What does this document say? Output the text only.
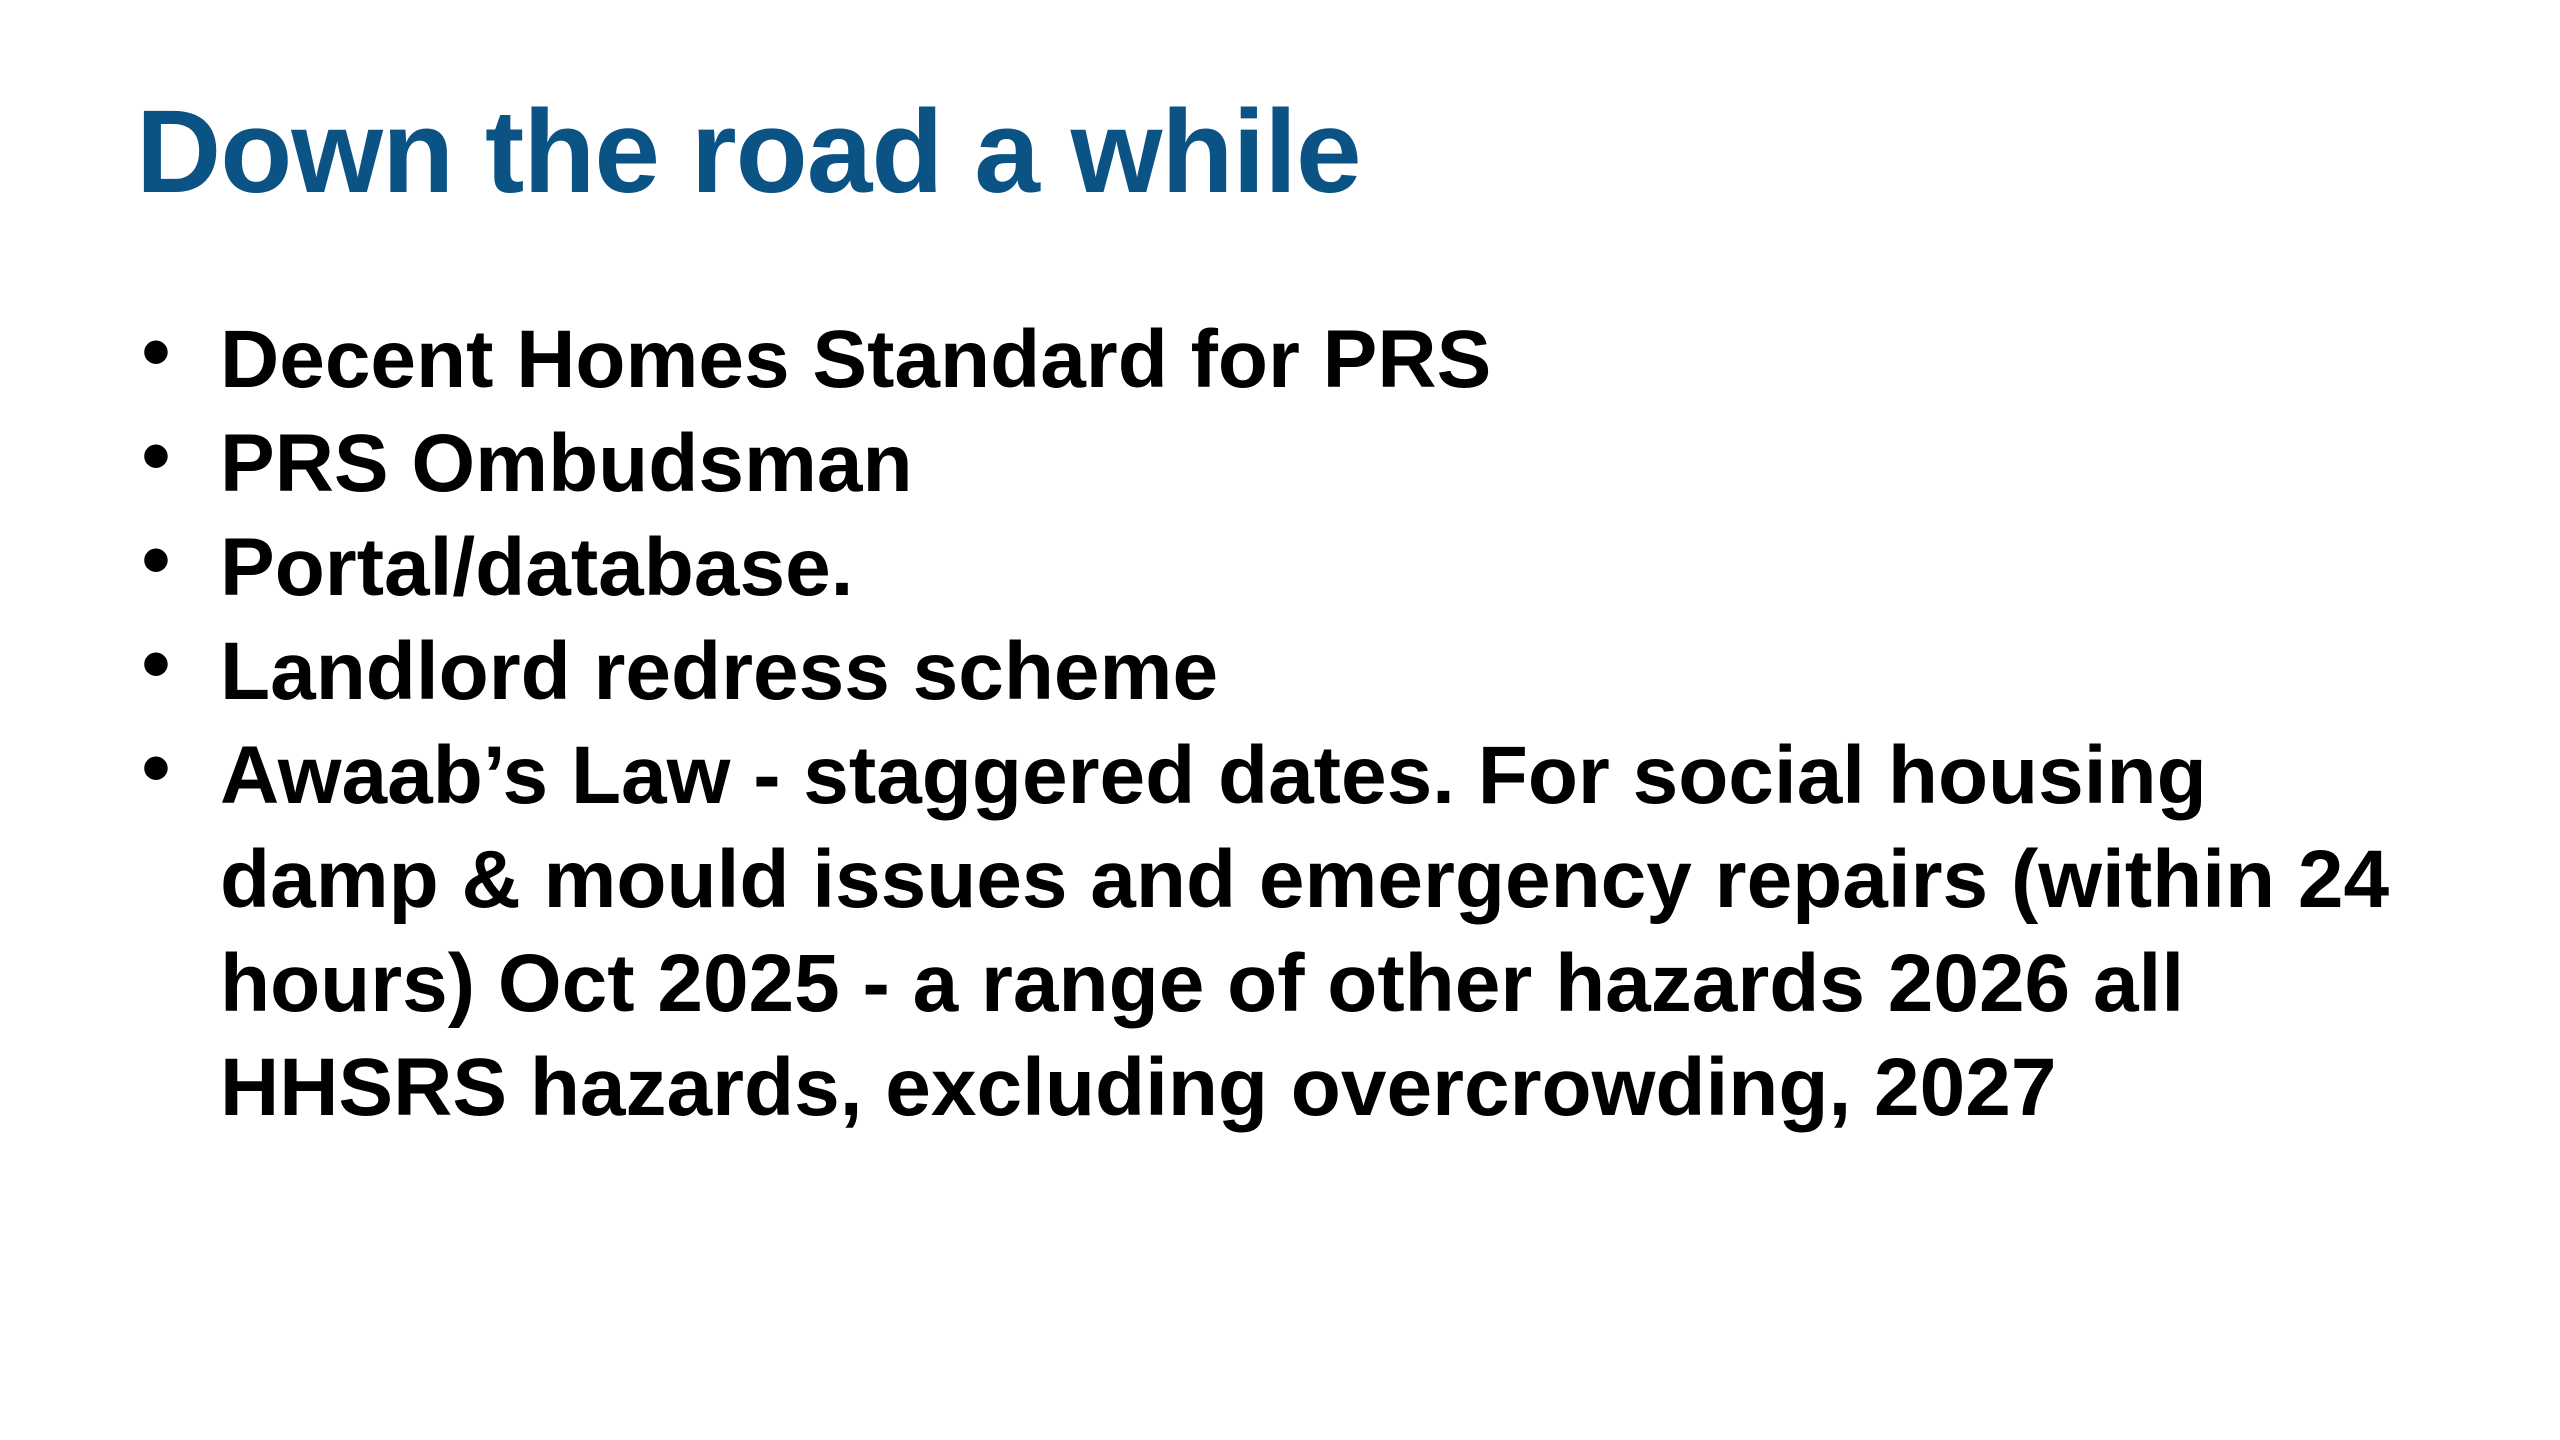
Down the road a while
• Decent Homes Standard for PRS
• PRS Ombudsman
• Portal/database.
• Landlord redress scheme
• Awaab’s Law - staggered dates. For social housing damp & mould issues and emergency repairs (within 24 hours) Oct 2025 - a range of other hazards 2026 all HHSRS hazards, excluding overcrowding, 2027
